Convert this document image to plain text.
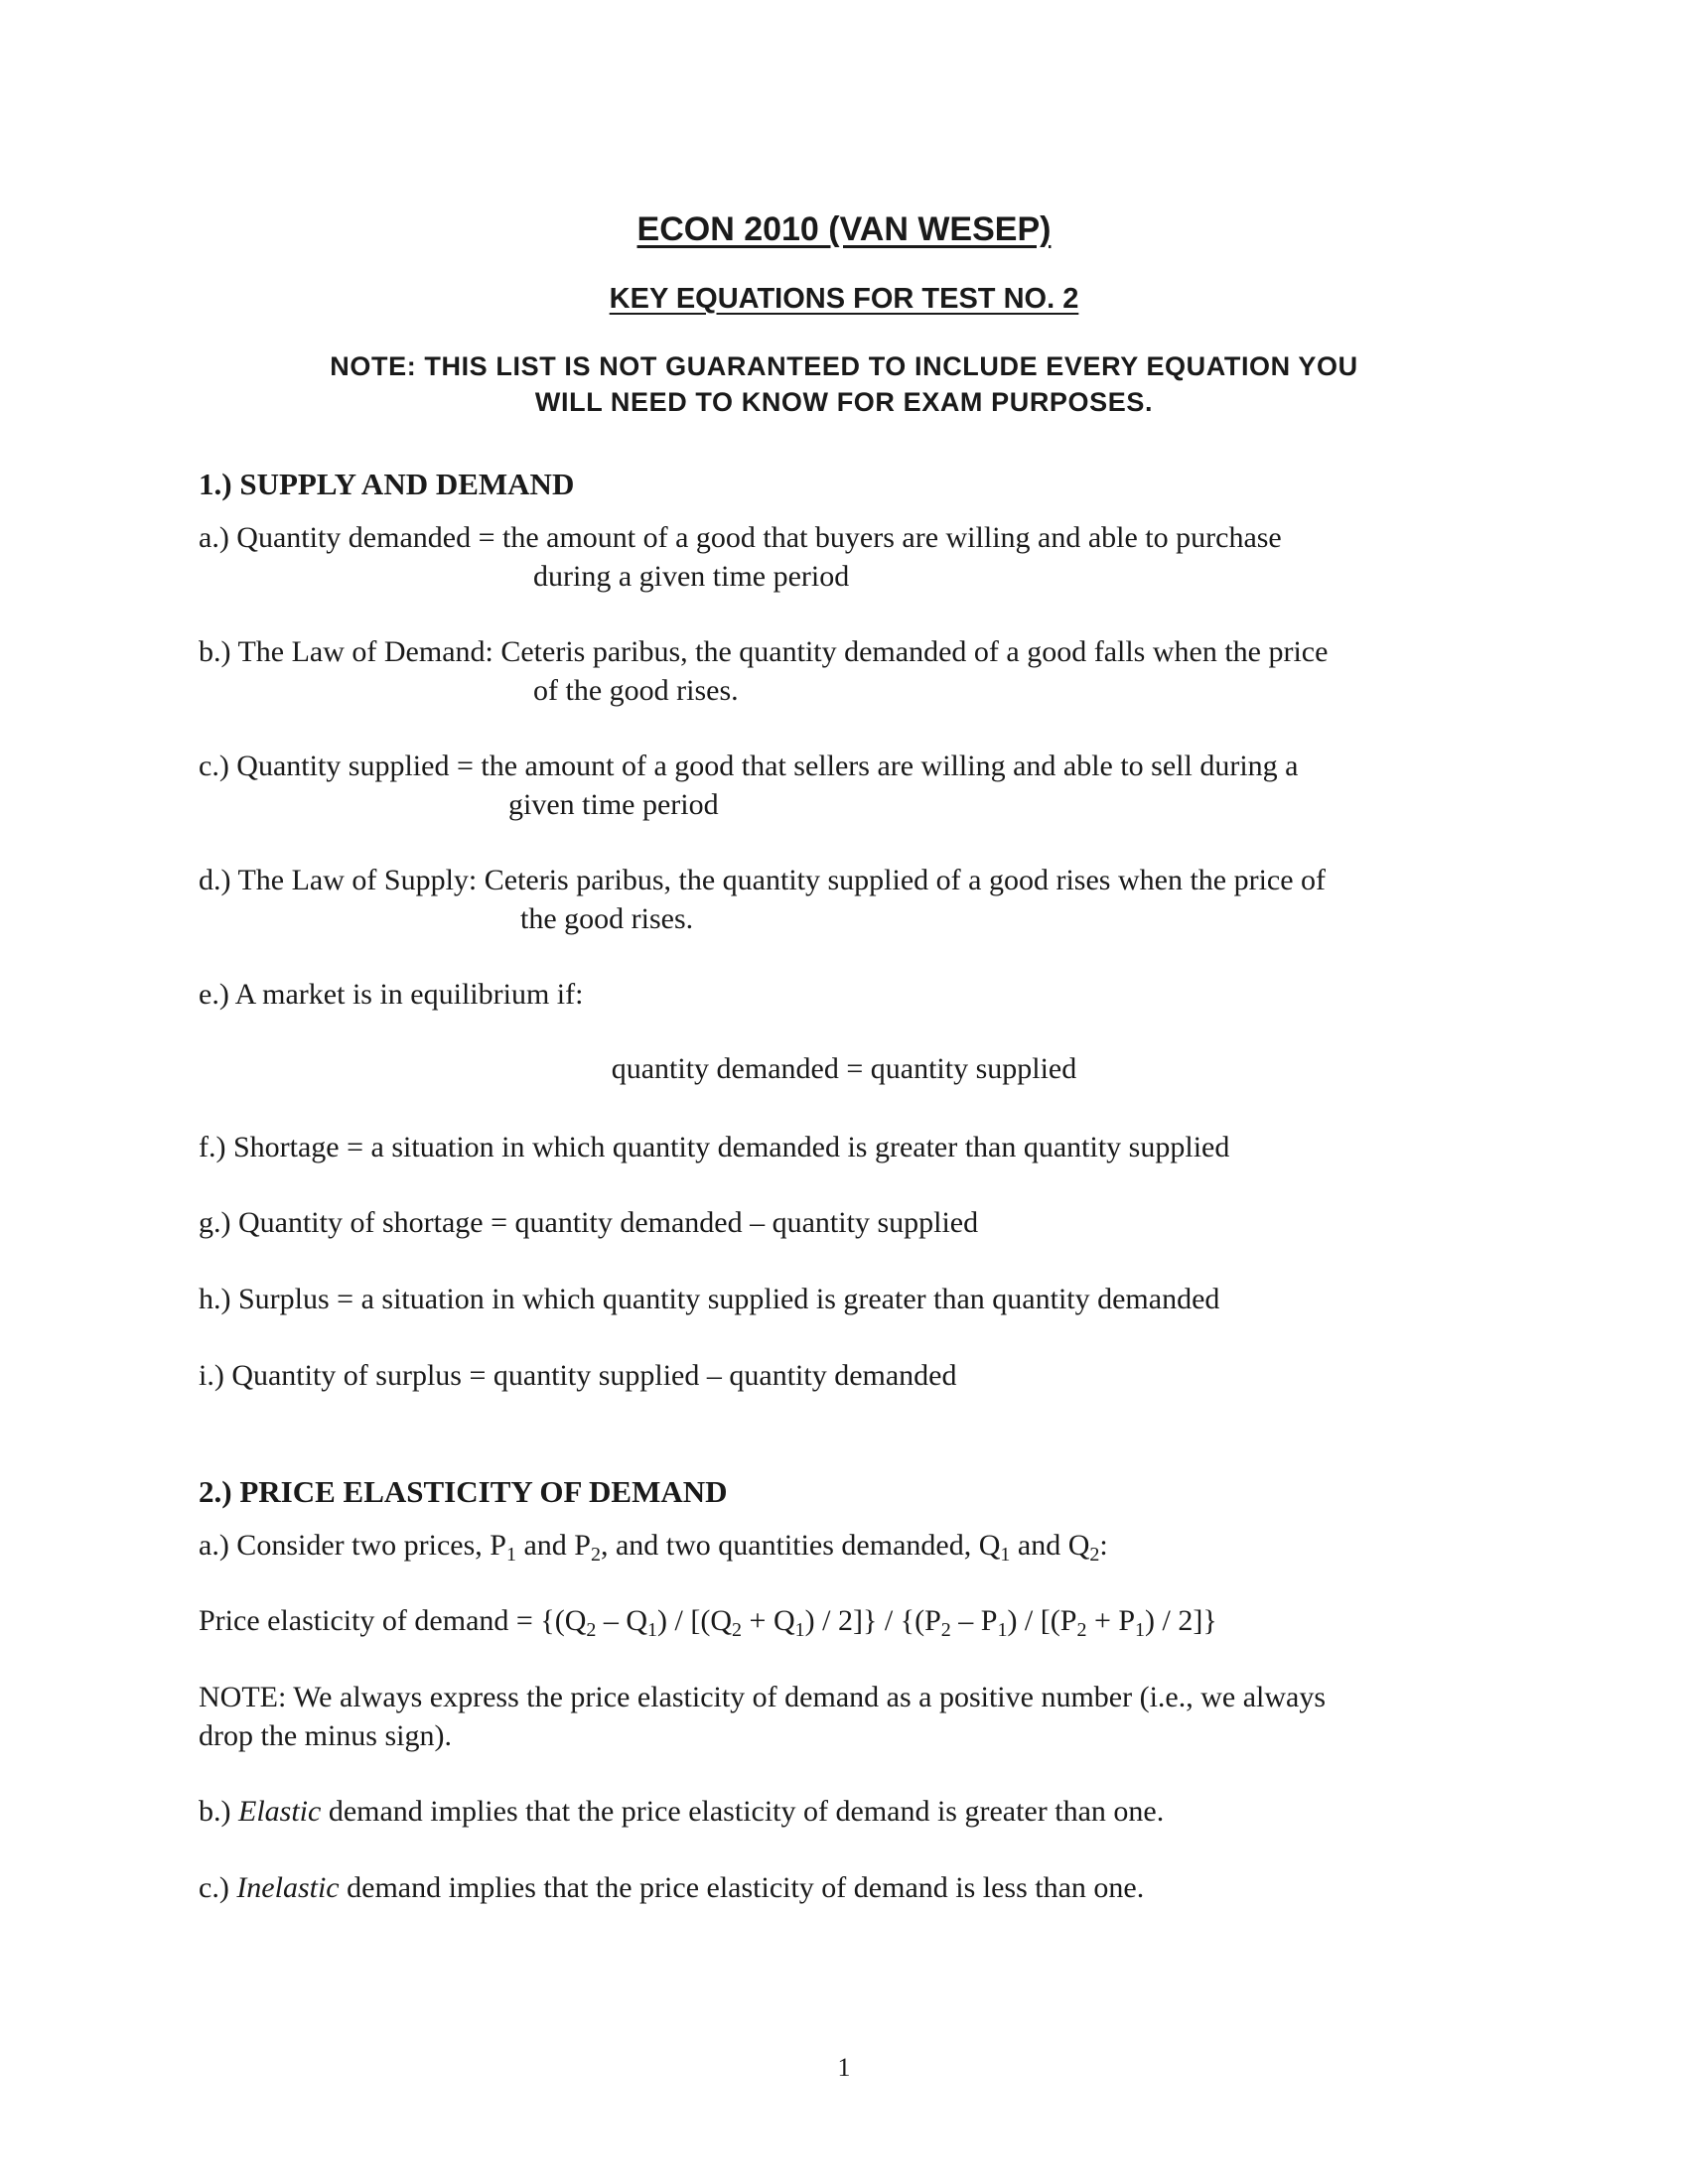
ECON 2010 (VAN WESEP)
KEY EQUATIONS FOR TEST NO. 2
NOTE: THIS LIST IS NOT GUARANTEED TO INCLUDE EVERY EQUATION YOU
WILL NEED TO KNOW FOR EXAM PURPOSES.
1.) SUPPLY AND DEMAND
a.) Quantity demanded = the amount of a good that buyers are willing and able to purchase
during a given time period
b.) The Law of Demand: Ceteris paribus, the quantity demanded of a good falls when the price
of the good rises.
c.) Quantity supplied = the amount of a good that sellers are willing and able to sell during a
given time period
d.) The Law of Supply: Ceteris paribus, the quantity supplied of a good rises when the price of
the good rises.
e.) A market is in equilibrium if:
quantity demanded = quantity supplied
f.) Shortage = a situation in which quantity demanded is greater than quantity supplied
g.) Quantity of shortage = quantity demanded – quantity supplied
h.) Surplus = a situation in which quantity supplied is greater than quantity demanded
i.) Quantity of surplus = quantity supplied – quantity demanded
2.) PRICE ELASTICITY OF DEMAND
a.) Consider two prices, $P_1$ and $P_2$, and two quantities demanded, $Q_1$ and $Q_2$:
Price elasticity of demand = $\{(Q_2 - Q_1) / [(Q_2 + Q_1) / 2]\} / \{(P_2 - P_1) / [(P_2 + P_1) / 2]\}$
NOTE: We always express the price elasticity of demand as a positive number (i.e., we always
drop the minus sign).
b.) Elastic demand implies that the price elasticity of demand is greater than one.
c.) Inelastic demand implies that the price elasticity of demand is less than one.
1
